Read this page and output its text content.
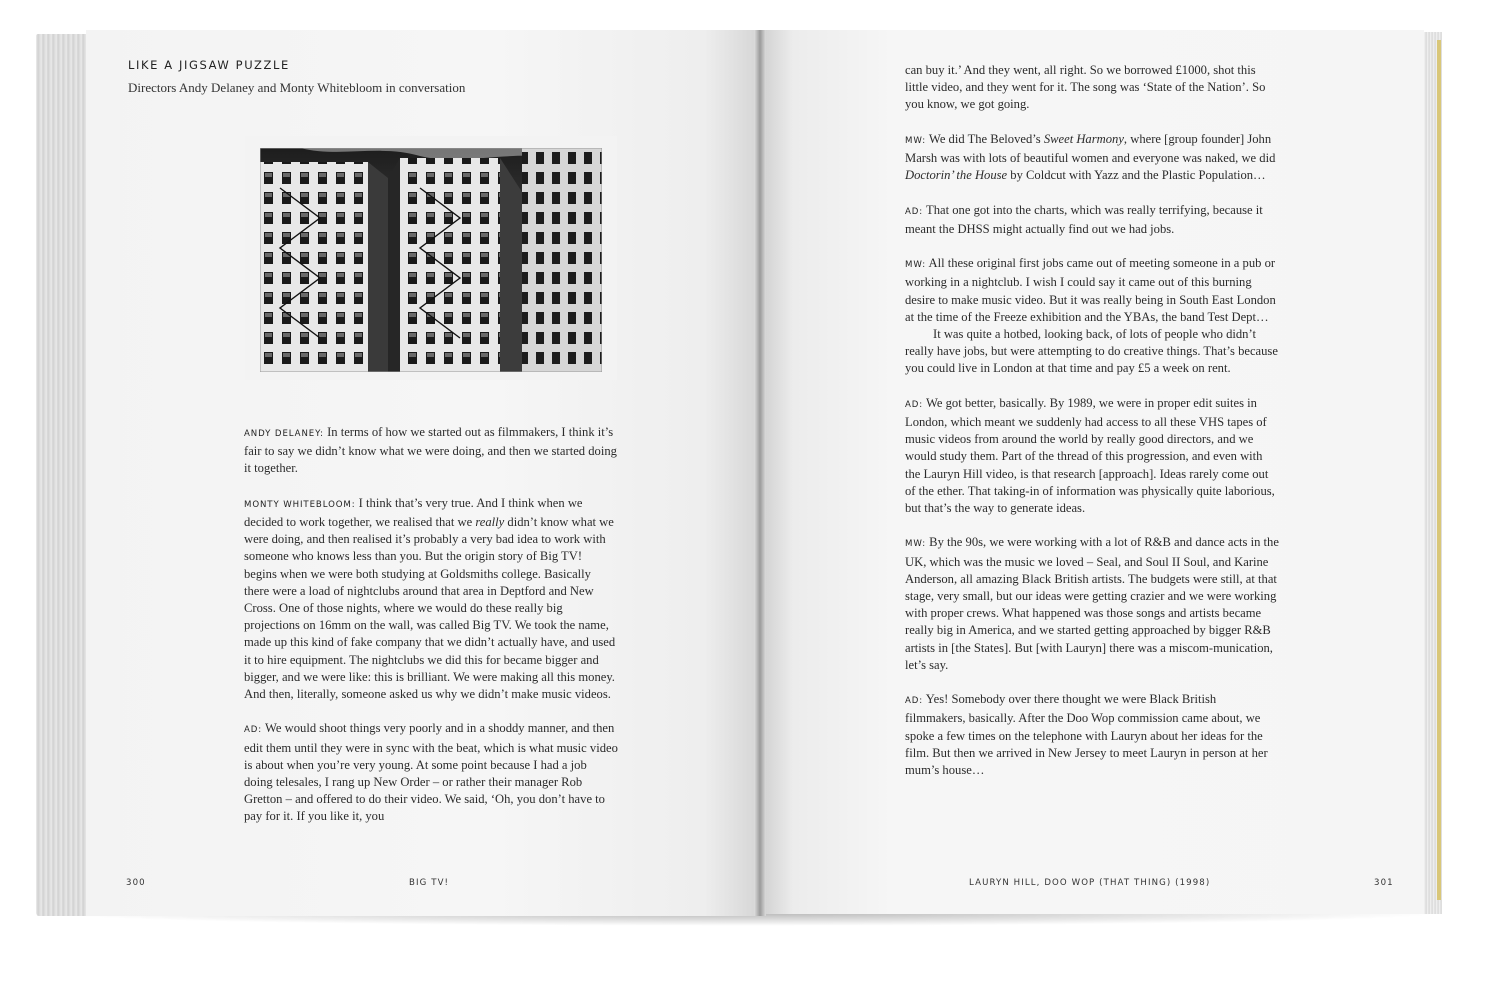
LIKE A JIGSAW PUZZLE
Directors Andy Delaney and Monty Whitebloom in conversation

ANDY DELANEY: In terms of how we started out as filmmakers, I think it’s fair to say we didn’t know what we were doing, and then we started doing it together.

MONTY WHITEBLOOM: I think that’s very true. And I think when we decided to work together, we realised that we really didn’t know what we were doing, and then realised it’s probably a very bad idea to work with someone who knows less than you. But the origin story of Big TV! begins when we were both studying at Goldsmiths college. Basically there were a load of nightclubs around that area in Deptford and New Cross. One of those nights, where we would do these really big projections on 16mm on the wall, was called Big TV. We took the name, made up this kind of fake company that we didn’t actually have, and used it to hire equipment. The nightclubs we did this for became bigger and bigger, and we were like: this is brilliant. We were making all this money. And then, literally, someone asked us why we didn’t make music videos.

AD: We would shoot things very poorly and in a shoddy manner, and then edit them until they were in sync with the beat, which is what music video is about when you’re very young. At some point because I had a job doing telesales, I rang up New Order – or rather their manager Rob Gretton – and offered to do their video. We said, ‘Oh, you don’t have to pay for it. If you like it, you

can buy it.’ And they went, all right. So we borrowed £1000, shot this little video, and they went for it. The song was ‘State of the Nation’. So you know, we got going.

MW: We did The Beloved’s Sweet Harmony, where [group founder] John Marsh was with lots of beautiful women and everyone was naked, we did Doctorin’ the House by Coldcut with Yazz and the Plastic Population…

AD: That one got into the charts, which was really terrifying, because it meant the DHSS might actually find out we had jobs.

MW: All these original first jobs came out of meeting someone in a pub or working in a nightclub. I wish I could say it came out of this burning desire to make music video. But it was really being in South East London at the time of the Freeze exhibition and the YBAs, the band Test Dept…

It was quite a hotbed, looking back, of lots of people who didn’t really have jobs, but were attempting to do creative things. That’s because you could live in London at that time and pay £5 a week on rent.

AD: We got better, basically. By 1989, we were in proper edit suites in London, which meant we suddenly had access to all these VHS tapes of music videos from around the world by really good directors, and we would study them. Part of the thread of this progression, and even with the Lauryn Hill video, is that research [approach]. Ideas rarely come out of the ether. That taking-in of information was physically quite laborious, but that’s the way to generate ideas.

MW: By the 90s, we were working with a lot of R&B and dance acts in the UK, which was the music we loved – Seal, and Soul II Soul, and Karine Anderson, all amazing Black British artists. The budgets were still, at that stage, very small, but our ideas were getting crazier and we were working with proper crews. What happened was those songs and artists became really big in America, and we started getting approached by bigger R&B artists in [the States]. But [with Lauryn] there was a miscom-munication, let’s say.

AD: Yes! Somebody over there thought we were Black British filmmakers, basically. After the Doo Wop commission came about, we spoke a few times on the telephone with Lauryn about her ideas for the film. But then we arrived in New Jersey to meet Lauryn in person at her mum’s house…

300	BIG TV!	LAURYN HILL, DOO WOP (THAT THING) (1998)	301
